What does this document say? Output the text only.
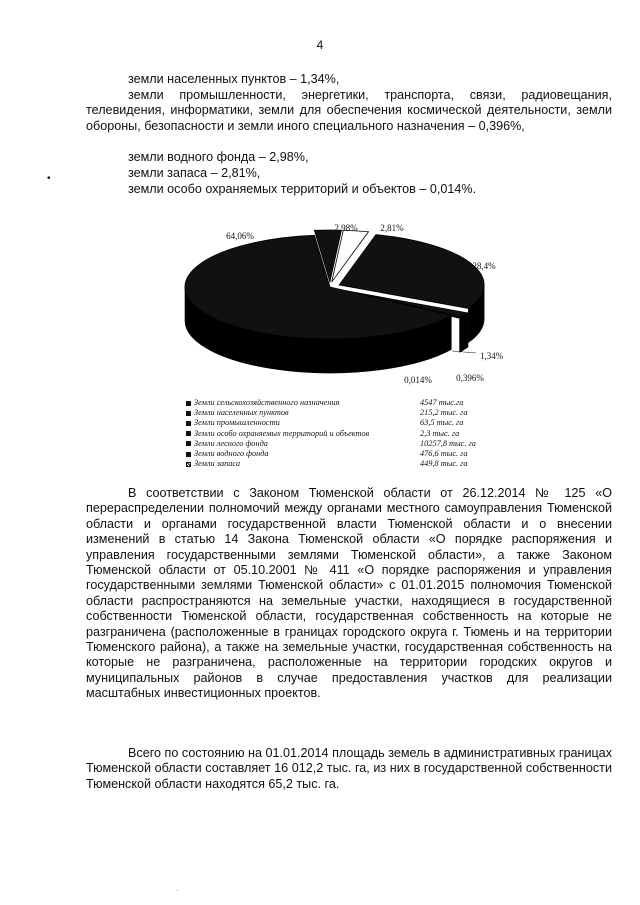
4
земли населенных пунктов – 1,34%,

земли промышленности, энергетики, транспорта, связи, радиовещания, телевидения, информатики, земли для обеспечения космической деятельности, земли обороны, безопасности и земли иного специального назначения – 0,396%,

земли водного фонда – 2,98%,
земли запаса – 2,81%,
земли особо охраняемых территорий и объектов – 0,014%.
•
28,4%
1,34%
0,396%
0,014%
64,06%
2,98%	2,81%
Земли сельскохозяйственного назначения	4547 тыс.га
Земли населенных пунктов	215,2 тыс. га
Земли промышленности	63,5 тыс. га
Земли особо охраняемых территорий и объектов	2,3 тыс. га
Земли лесного фонда	10257,8 тыс. га
Земли водного фонда	476,6 тыс. га
Земли запаса	449,8 тыс. га

В соответствии с Законом Тюменской области от 26.12.2014 № 125 «О перераспределении полномочий между органами местного самоуправления Тюменской области и органами государственной власти Тюменской области и о внесении изменений в статью 14 Закона Тюменской области «О порядке распоряжения и управления государственными землями Тюменской области», а также Законом Тюменской области от 05.10.2001 № 411 «О порядке распоряжения и управления государственными землями Тюменской области» с 01.01.2015 полномочия Тюменской области распространяются на земельные участки, находящиеся в государственной собственности Тюменской области, государственная собственность на которые не разграничена (расположенные в границах городского округа г. Тюмень и на территории Тюменского района), а также на земельные участки, государственная собственность на которые не разграничена, расположенные на территории городских округов и муниципальных районов в случае предоставления участков для реализации масштабных инвестиционных проектов.

Всего по состоянию на 01.01.2014 площадь земель в административных границах Тюменской области составляет 16 012,2 тыс. га, из них в государственной собственности Тюменской области находятся 65,2 тыс. га.

·
